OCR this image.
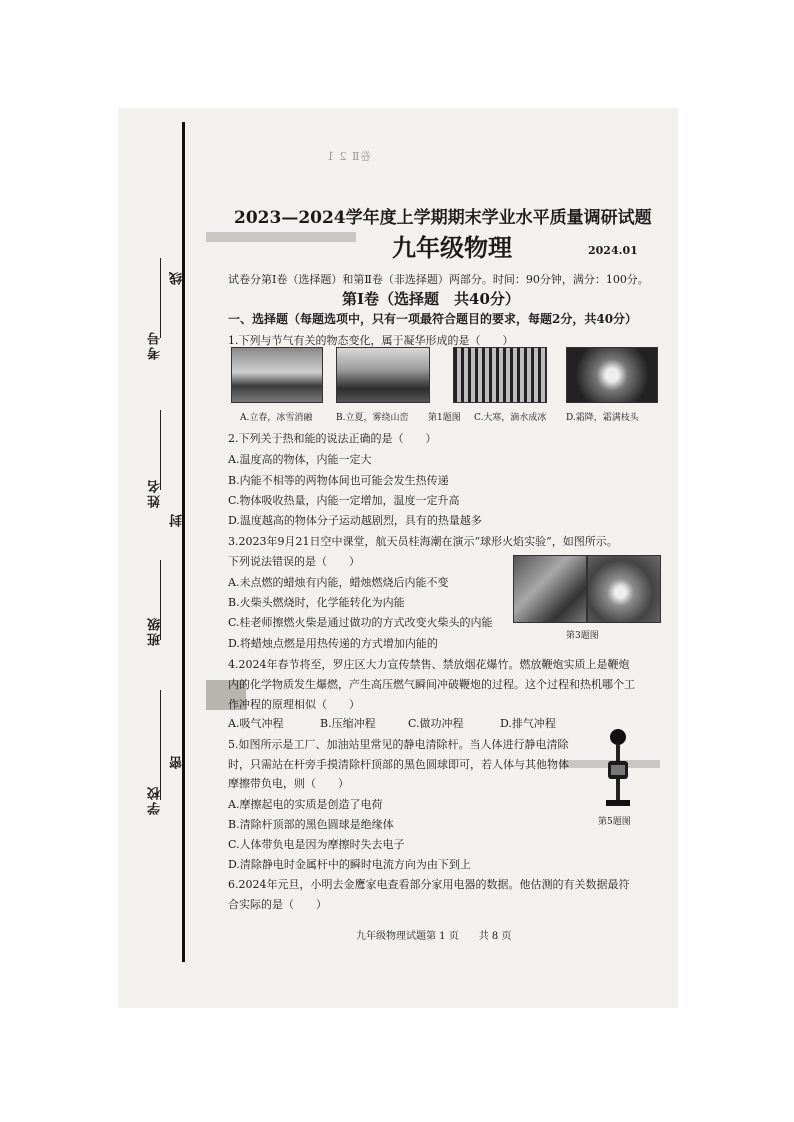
考号
姓名
班级
学校
线
封
密
卷Ⅱ 2 1
2023—2024学年度上学期期末学业水平质量调研试题
九年级物理	2024.01
试卷分第Ⅰ卷（选择题）和第Ⅱ卷（非选择题）两部分。时间：90分钟，满分：100分。
第Ⅰ卷（选择题　共40分）
一、选择题（每题选项中，只有一项最符合题目的要求，每题2分，共40分）
1.下列与节气有关的物态变化，属于凝华形成的是（　　）
A.立春，冰雪消融	B.立夏，雾绕山峦 第1题图 C.大寒，滴水成冰 D.霜降，霜满枝头
2.下列关于热和能的说法正确的是（　　）
A.温度高的物体，内能一定大
B.内能不相等的两物体间也可能会发生热传递
C.物体吸收热量，内能一定增加，温度一定升高
D.温度越高的物体分子运动越剧烈，具有的热量越多
3.2023年9月21日空中课堂，航天员桂海潮在演示“球形火焰实验”，如图所示。
下列说法错误的是（　　）
A.未点燃的蜡烛有内能，蜡烛燃烧后内能不变
B.火柴头燃烧时，化学能转化为内能
C.桂老师擦燃火柴是通过做功的方式改变火柴头的内能
D.将蜡烛点燃是用热传递的方式增加内能的
第3题图
4.2024年春节将至，罗庄区大力宣传禁售、禁放烟花爆竹。燃放鞭炮实质上是鞭炮
内的化学物质发生爆燃，产生高压燃气瞬间冲破鞭炮的过程。这个过程和热机哪个工
作冲程的原理相似（　　）
A.吸气冲程	B.压缩冲程	C.做功冲程	D.排气冲程
5.如图所示是工厂、加油站里常见的静电清除杆。当人体进行静电清除
时，只需站在杆旁手摸清除杆顶部的黑色圆球即可，若人体与其他物体
摩擦带负电，则（　　）
A.摩擦起电的实质是创造了电荷
B.清除杆顶部的黑色圆球是绝缘体
C.人体带负电是因为摩擦时失去电子
D.清除静电时金属杆中的瞬时电流方向为由下到上
第5题图
6.2024年元旦，小明去金鹰家电查看部分家用电器的数据。他估测的有关数据最符
合实际的是（　　）
九年级物理试题第 1 页　　共 8 页
